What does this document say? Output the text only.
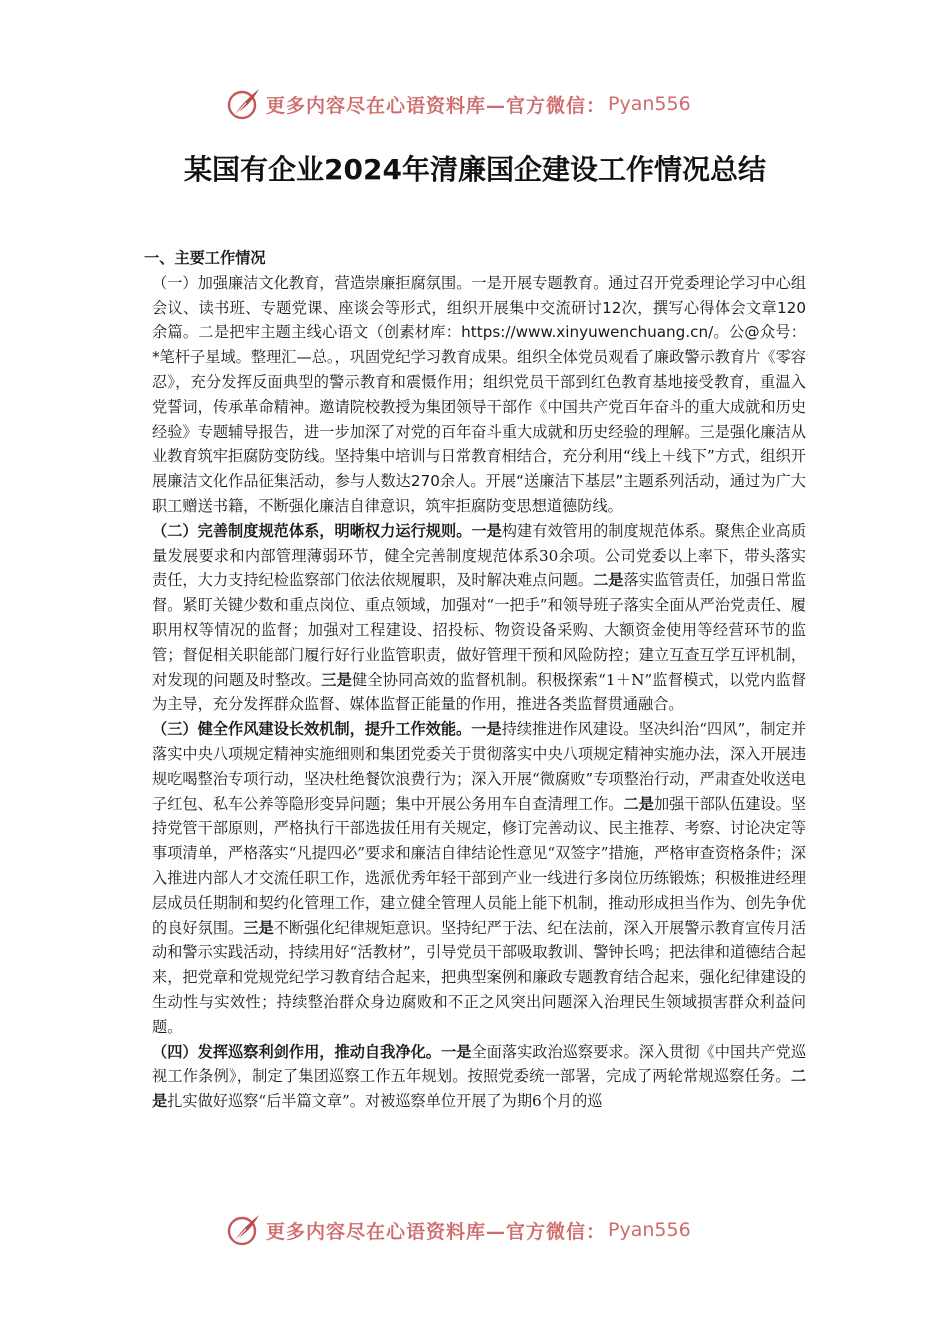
更多内容尽在心语资料库—官方微信： Pyan556
某国有企业2024年清廉国企建设工作情况总结

一、主要工作情况

（一）加强廉洁文化教育，营造崇廉拒腐氛围。一是开展专题教育。通过召开党委理论学习中心组会议、读书班、专题党课、座谈会等形式，组织开展集中交流研讨12次，撰写心得体会文章120余篇。二是把牢主题主线心语文（创素材库：https://www.xinyuwenchuang.cn/。公@众号：*笔杆子星域。整理汇—总。，巩固党纪学习教育成果。组织全体党员观看了廉政警示教育片《零容忍》，充分发挥反面典型的警示教育和震慑作用；组织党员干部到红色教育基地接受教育，重温入党誓词，传承革命精神。邀请院校教授为集团领导干部作《中国共产党百年奋斗的重大成就和历史经验》专题辅导报告，进一步加深了对党的百年奋斗重大成就和历史经验的理解。三是强化廉洁从业教育筑牢拒腐防变防线。坚持集中培训与日常教育相结合，充分利用“线上＋线下”方式，组织开展廉洁文化作品征集活动，参与人数达270余人。开展“送廉洁下基层”主题系列活动，通过为广大职工赠送书籍，不断强化廉洁自律意识，筑牢拒腐防变思想道德防线。

（二）完善制度规范体系，明晰权力运行规则。一是构建有效管用的制度规范体系。聚焦企业高质量发展要求和内部管理薄弱环节，健全完善制度规范体系30余项。公司党委以上率下，带头落实责任，大力支持纪检监察部门依法依规履职，及时解决难点问题。二是落实监管责任，加强日常监督。紧盯关键少数和重点岗位、重点领域，加强对“一把手”和领导班子落实全面从严治党责任、履职用权等情况的监督；加强对工程建设、招投标、物资设备采购、大额资金使用等经营环节的监管；督促相关职能部门履行好行业监管职责，做好管理干预和风险防控；建立互查互学互评机制，对发现的问题及时整改。三是健全协同高效的监督机制。积极探索“1＋N”监督模式，以党内监督为主导，充分发挥群众监督、媒体监督正能量的作用，推进各类监督贯通融合。

（三）健全作风建设长效机制，提升工作效能。一是持续推进作风建设。坚决纠治“四风”，制定并落实中央八项规定精神实施细则和集团党委关于贯彻落实中央八项规定精神实施办法，深入开展违规吃喝整治专项行动，坚决杜绝餐饮浪费行为；深入开展“微腐败”专项整治行动，严肃查处收送电子红包、私车公养等隐形变异问题；集中开展公务用车自查清理工作。二是加强干部队伍建设。坚持党管干部原则，严格执行干部选拔任用有关规定，修订完善动议、民主推荐、考察、讨论决定等事项清单，严格落实“凡提四必”要求和廉洁自律结论性意见“双签字”措施，严格审查资格条件；深入推进内部人才交流任职工作，选派优秀年轻干部到产业一线进行多岗位历练锻炼；积极推进经理层成员任期制和契约化管理工作，建立健全管理人员能上能下机制，推动形成担当作为、创先争优的良好氛围。三是不断强化纪律规矩意识。坚持纪严于法、纪在法前，深入开展警示教育宣传月活动和警示实践活动，持续用好“活教材”，引导党员干部吸取教训、警钟长鸣；把法律和道德结合起来，把党章和党规党纪学习教育结合起来，把典型案例和廉政专题教育结合起来，强化纪律建设的生动性与实效性；持续整治群众身边腐败和不正之风突出问题深入治理民生领域损害群众利益问题。

（四）发挥巡察利剑作用，推动自我净化。一是全面落实政治巡察要求。深入贯彻《中国共产党巡视工作条例》，制定了集团巡察工作五年规划。按照党委统一部署，完成了两轮常规巡察任务。二是扎实做好巡察“后半篇文章”。对被巡察单位开展了为期6个月的巡

更多内容尽在心语资料库—官方微信： Pyan556
